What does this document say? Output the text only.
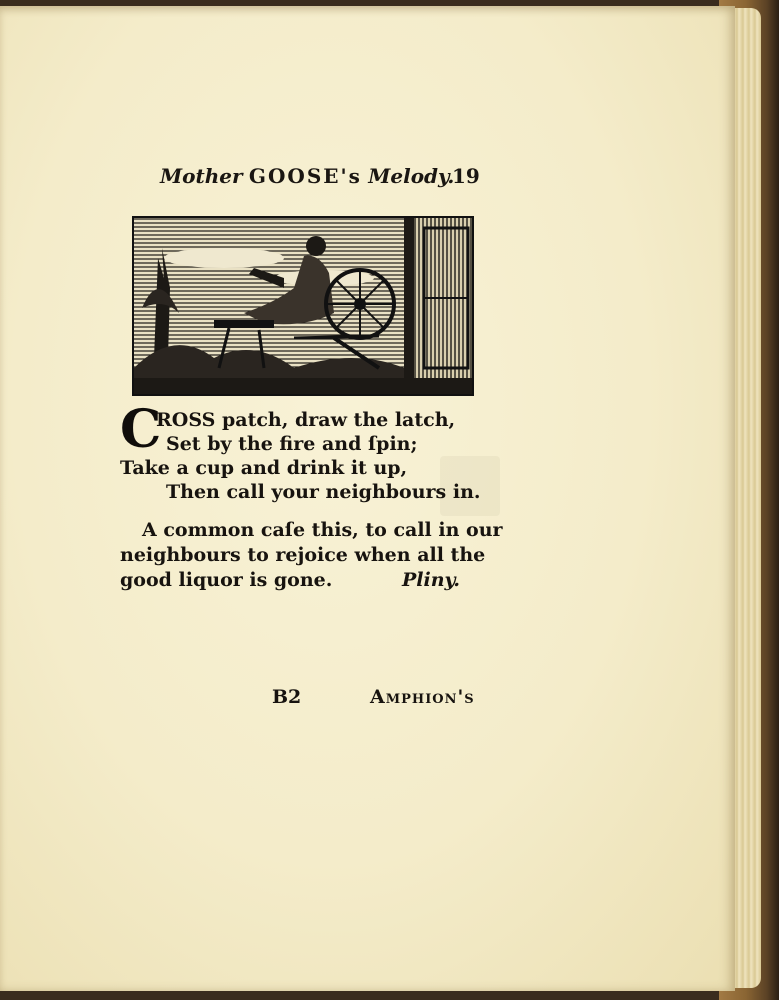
Mother GOOSE's Melody.
19
C
ROSS patch, draw the latch,
Set by the fire and ſpin;
Take a cup and drink it up,
Then call your neighbours in.
A common caſe this, to call in our
neighbours to rejoice when all the
good liquor is gone.	Pliny.
B2	Amphion's
